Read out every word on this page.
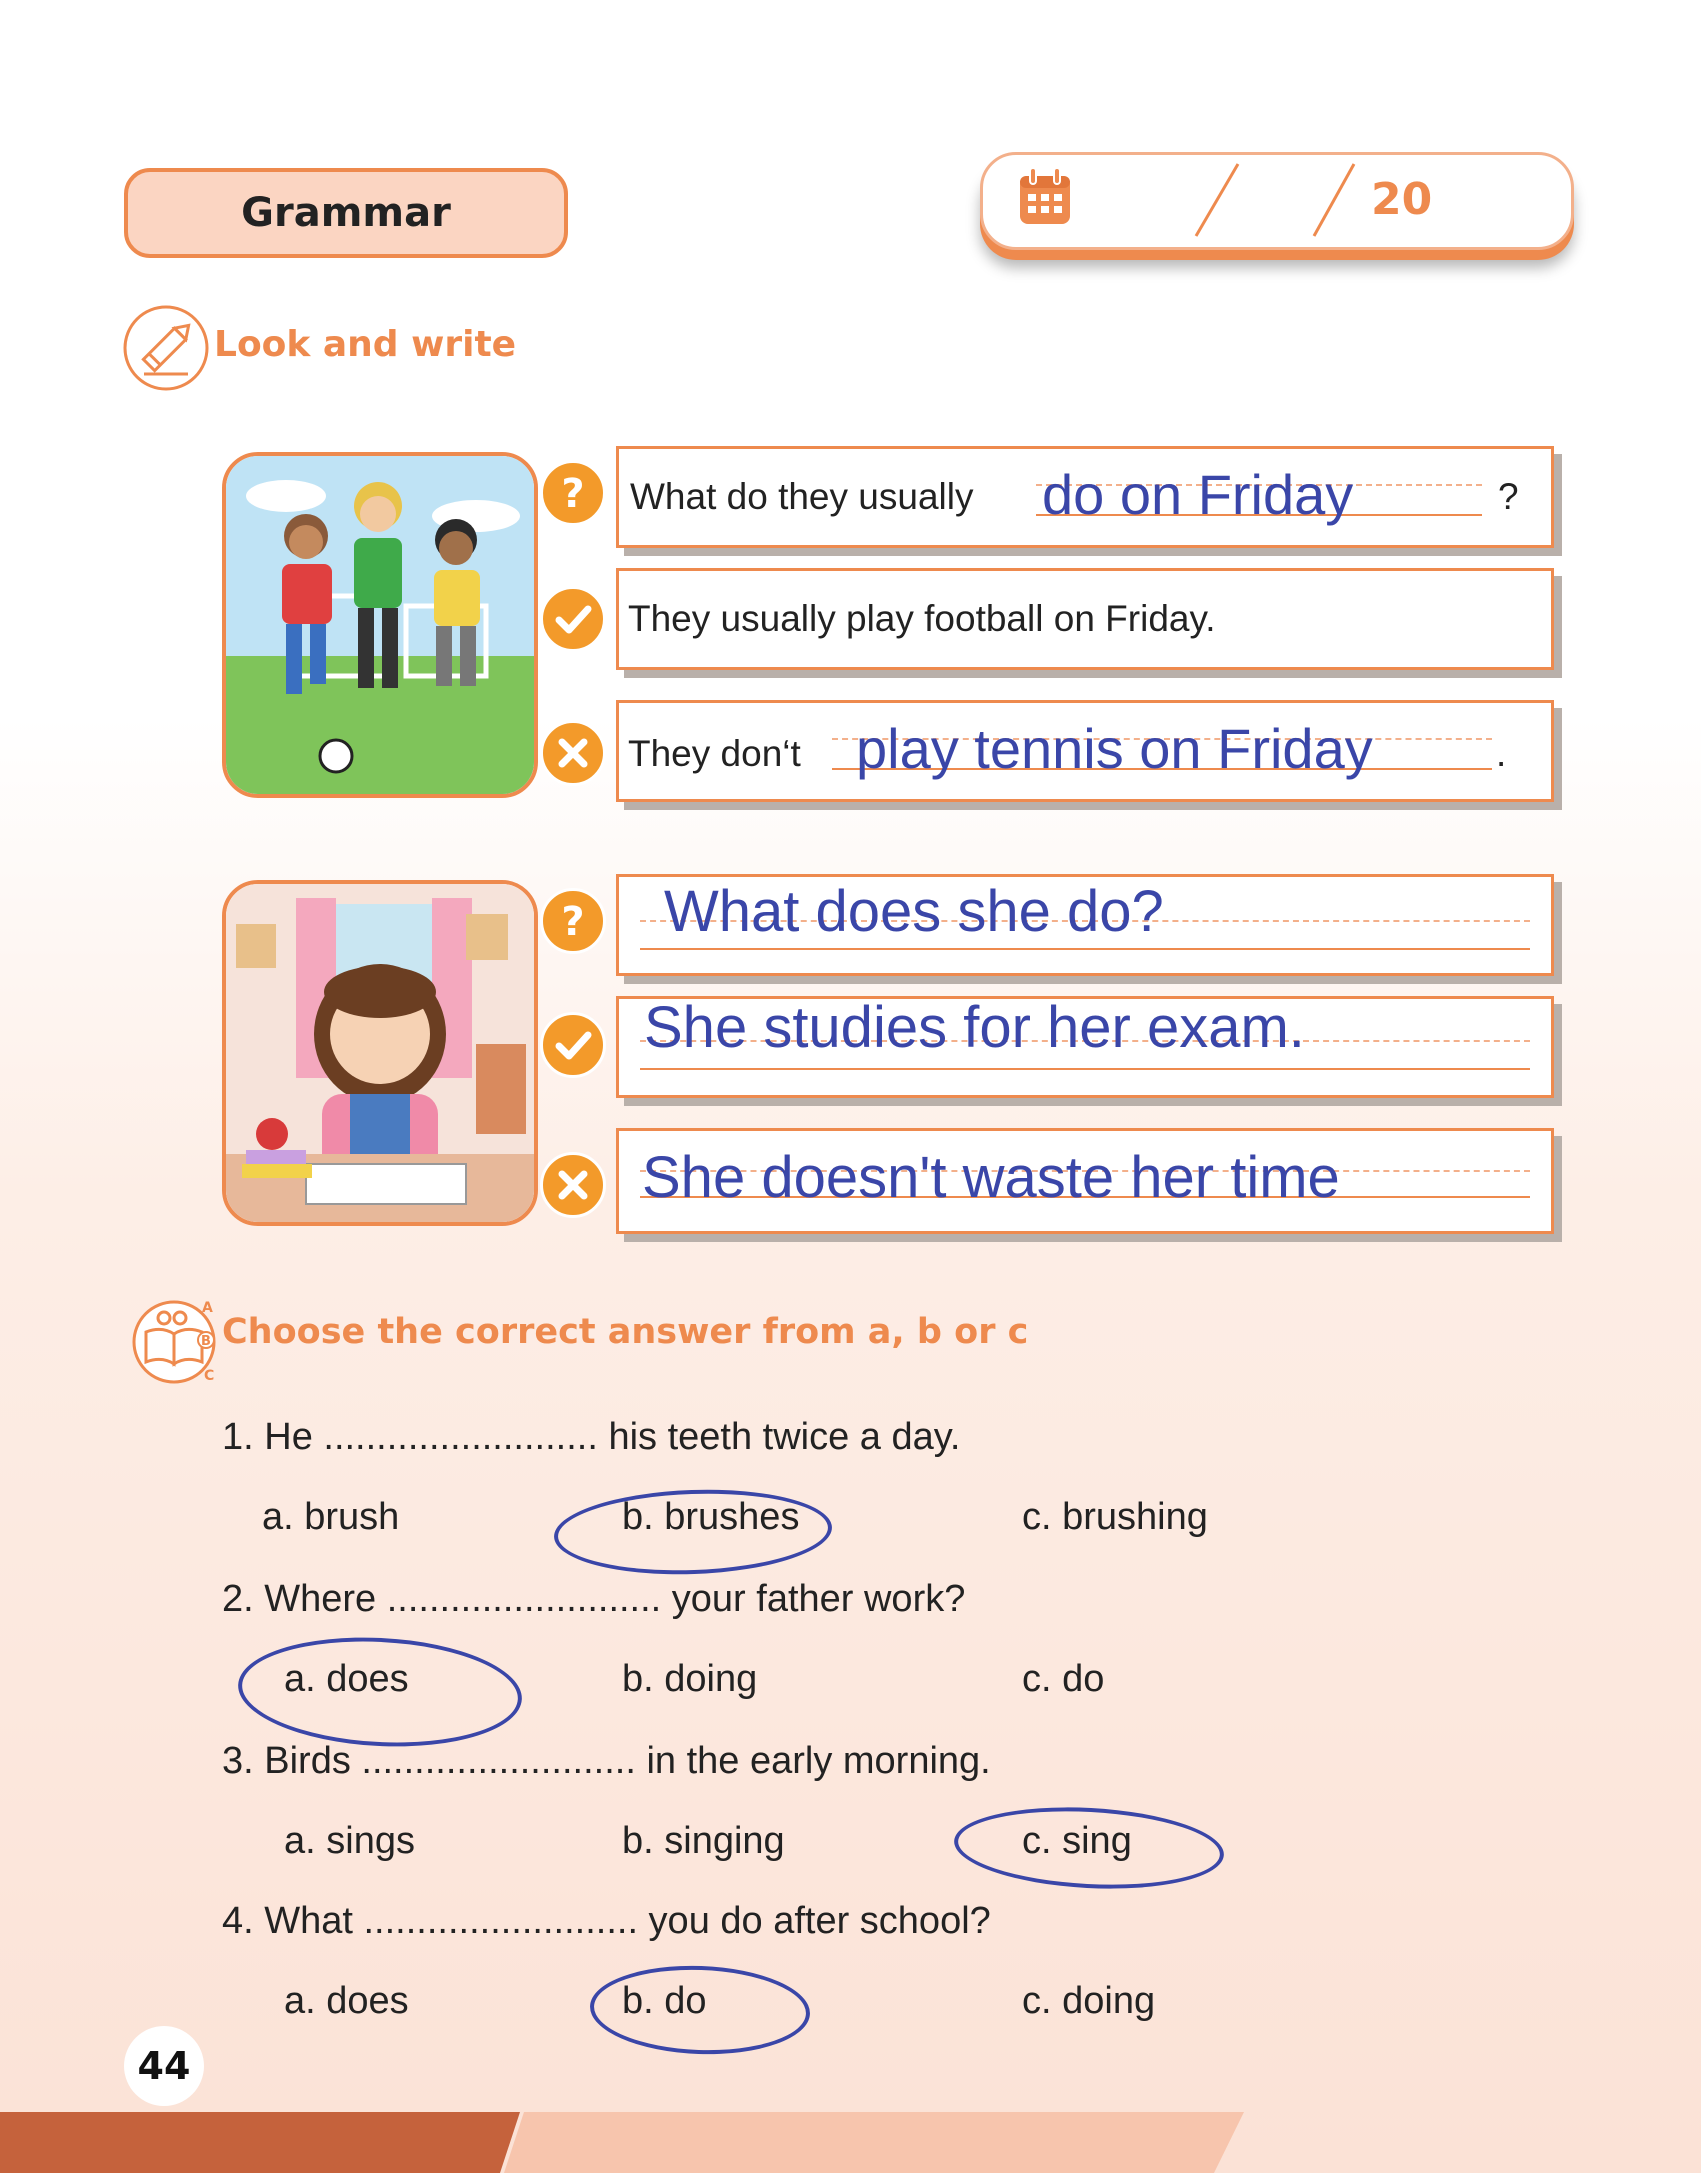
Grammar	20
Look and write
? What do they usually do on Friday	?
They usually play football on Friday.
They don‘t play tennis on Friday	.
? What does she do?
She studies for her exam.
She doesn't waste her time
A
B
C
Choose the correct answer from a, b or c
1. He .......................... his teeth twice a day.
a. brush	b. brushes	c. brushing
2. Where .......................... your father work?
a. does	b. doing	c. do
3. Birds .......................... in the early morning.
a. sings	b. singing	c. sing
4. What .......................... you do after school?
a. does	b. do	c. doing
44
